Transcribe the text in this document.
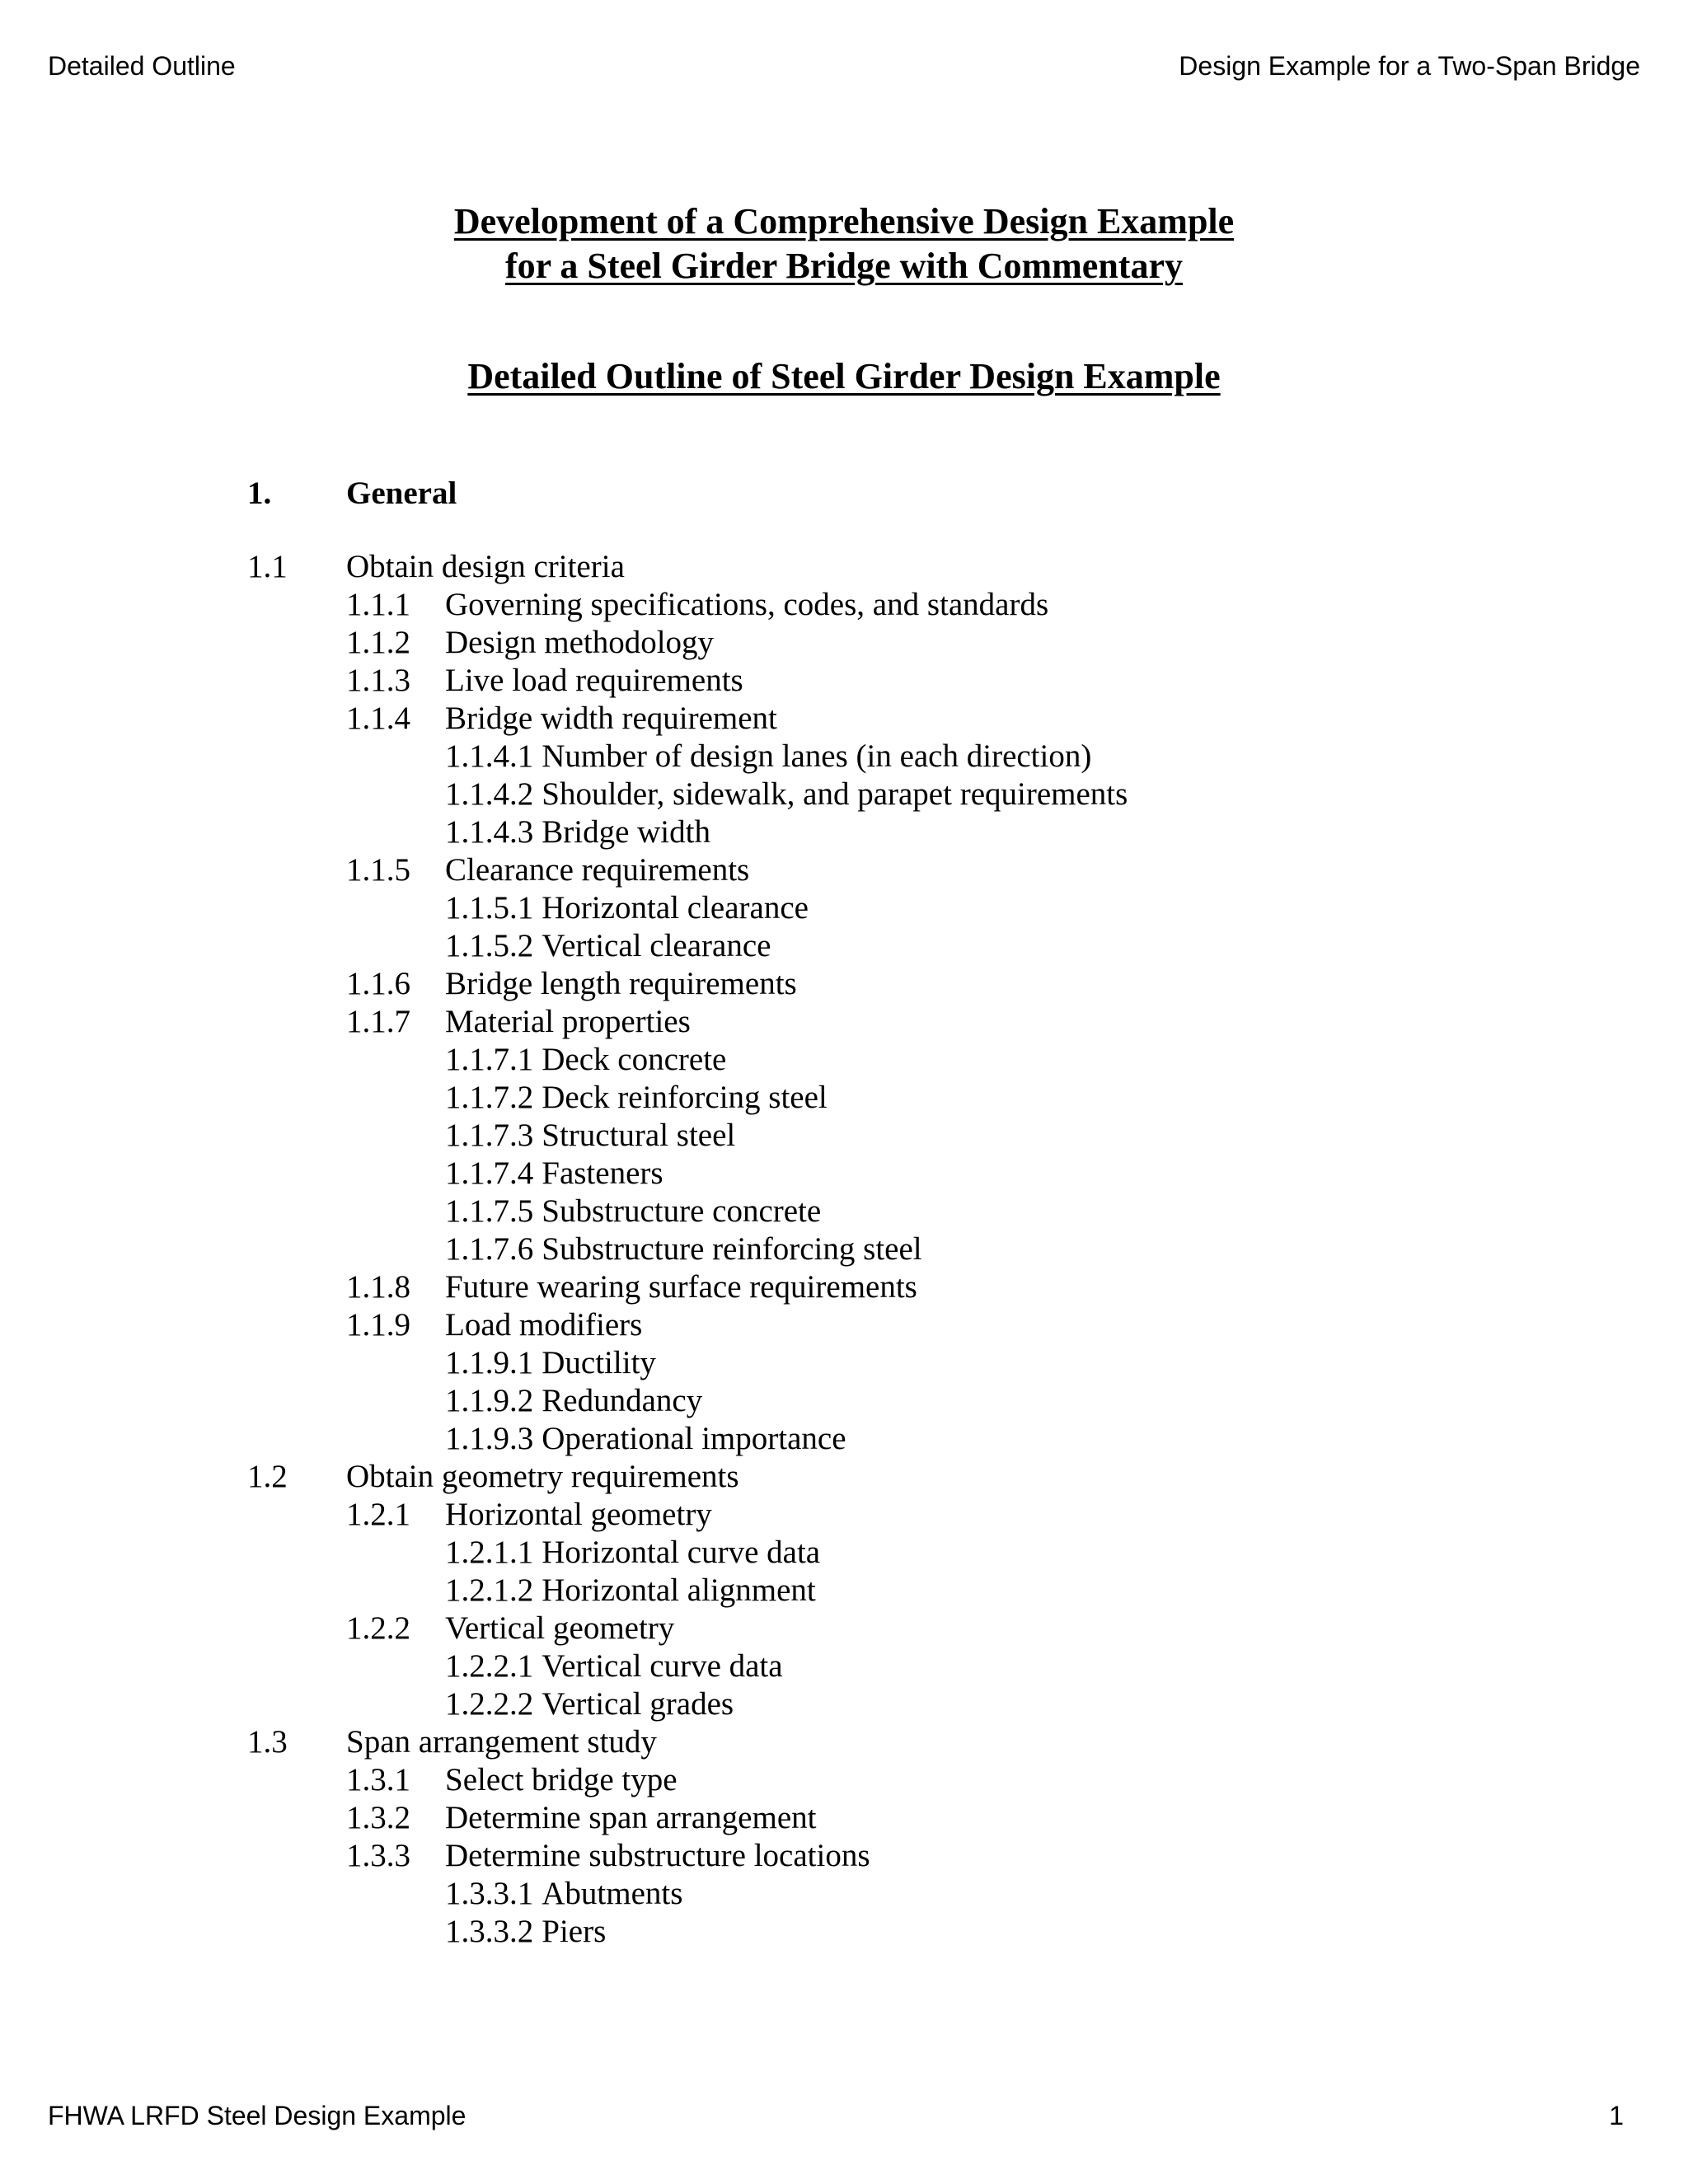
Detailed Outline	Design Example for a Two-Span Bridge
Development of a Comprehensive Design Example
for a Steel Girder Bridge with Commentary
Detailed Outline of Steel Girder Design Example
1. General
1.1 Obtain design criteria
1.1.1 Governing specifications, codes, and standards
1.1.2 Design methodology
1.1.3 Live load requirements
1.1.4 Bridge width requirement
1.1.4.1 Number of design lanes (in each direction)
1.1.4.2 Shoulder, sidewalk, and parapet requirements
1.1.4.3 Bridge width
1.1.5 Clearance requirements
1.1.5.1 Horizontal clearance
1.1.5.2 Vertical clearance
1.1.6 Bridge length requirements
1.1.7 Material properties
1.1.7.1 Deck concrete
1.1.7.2 Deck reinforcing steel
1.1.7.3 Structural steel
1.1.7.4 Fasteners
1.1.7.5 Substructure concrete
1.1.7.6 Substructure reinforcing steel
1.1.8 Future wearing surface requirements
1.1.9 Load modifiers
1.1.9.1 Ductility
1.1.9.2 Redundancy
1.1.9.3 Operational importance
1.2 Obtain geometry requirements
1.2.1 Horizontal geometry
1.2.1.1 Horizontal curve data
1.2.1.2 Horizontal alignment
1.2.2 Vertical geometry
1.2.2.1 Vertical curve data
1.2.2.2 Vertical grades
1.3 Span arrangement study
1.3.1 Select bridge type
1.3.2 Determine span arrangement
1.3.3 Determine substructure locations
1.3.3.1 Abutments
1.3.3.2 Piers
FHWA LRFD Steel Design Example	1
